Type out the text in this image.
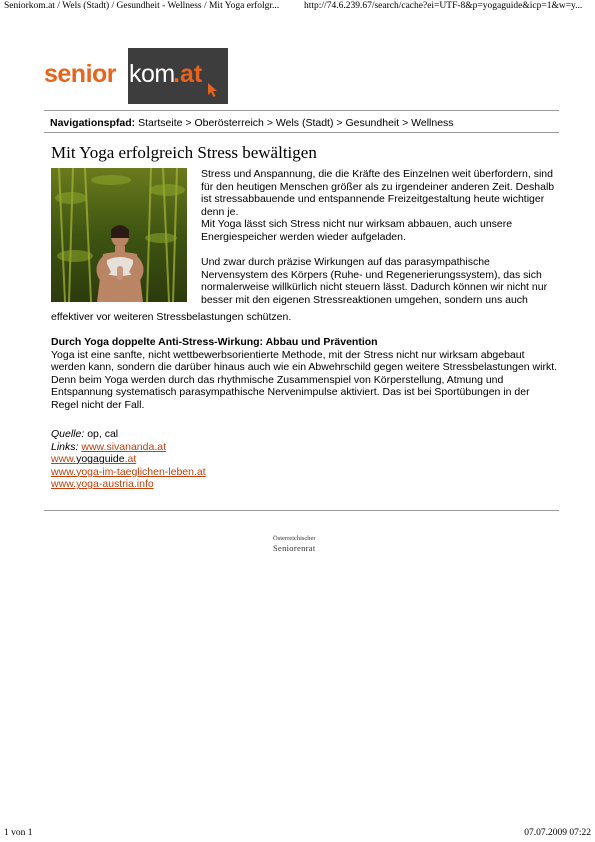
Seniorkom.at / Wels (Stadt) / Gesundheit - Wellness / Mit Yoga erfolgr...	http://74.6.239.67/search/cache?ei=UTF-8&p=yogaguide&icp=1&w=y...
senior kom
.at
Navigationspfad: Startseite > Oberösterreich > Wels (Stadt) > Gesundheit > Wellness
Mit Yoga erfolgreich Stress bewältigen

Stress und Anspannung, die die Kräfte des Einzelnen weit überfordern, sind für den heutigen Menschen größer als zu irgendeiner anderen Zeit. Deshalb ist stressabbauende und entspannende Freizeitgestaltung heute wichtiger denn je.

Mit Yoga lässt sich Stress nicht nur wirksam abbauen, auch unsere Energiespeicher werden wieder aufgeladen.

Und zwar durch präzise Wirkungen auf das parasympathische Nervensystem des Körpers (Ruhe- und Regenerierungssystem), das sich normalerweise willkürlich nicht steuern lässt. Dadurch können wir nicht nur besser mit den eigenen Stressreaktionen umgehen, sondern uns auch

effektiver vor weiteren Stressbelastungen schützen.

Durch Yoga doppelte Anti-Stress-Wirkung: Abbau und Prävention

Yoga ist eine sanfte, nicht wettbewerbsorientierte Methode, mit der Stress nicht nur wirksam abgebaut werden kann, sondern die darüber hinaus auch wie ein Abwehrschild gegen weitere Stressbelastungen wirkt. Denn beim Yoga werden durch das rhythmische Zusammenspiel von Körperstellung, Atmung und Entspannung systematisch parasympathische Nervenimpulse aktiviert. Das ist bei Sportübungen in der Regel nicht der Fall.

Quelle: op, cal
Links: www.sivananda.at
www.yogaguide.at
www.yoga-im-taeglichen-leben.at
www.yoga-austria.info
Österreichischer
Seniorenrat
1 von 1	07.07.2009 07:22
